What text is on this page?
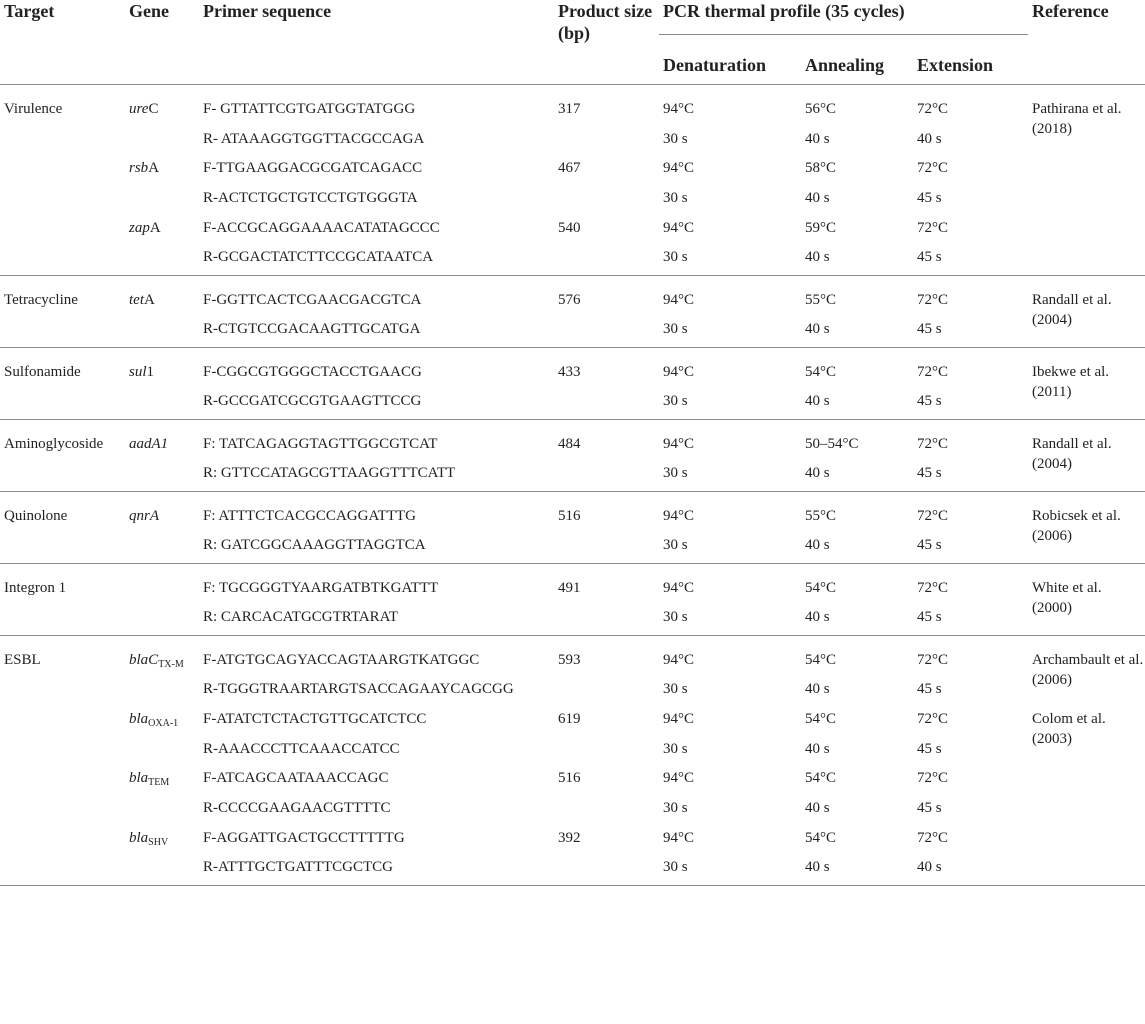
Target	Gene	Primer sequence	Product size (bp)	PCR thermal profile (35 cycles)			Reference
				Denaturation	Annealing	Extension	
Virulence	ureC	F- GTTATTCGTGATGGTATGGG	317	94°C	56°C	72°C	Pathirana et al. (2018)
		R- ATAAAGGTGGTTACGCCAGA		30 s	40 s	40 s	
	rsbA	F-TTGAAGGACGCGATCAGACC	467	94°C	58°C	72°C	
		R-ACTCTGCTGTCCTGTGGGTA		30 s	40 s	45 s	
	zapA	F-ACCGCAGGAAAACATATAGCCC	540	94°C	59°C	72°C	
		R-GCGACTATCTTCCGCATAATCA		30 s	40 s	45 s	
Tetracycline	tetA	F-GGTTCACTCGAACGACGTCA	576	94°C	55°C	72°C	Randall et al. (2004)
		R-CTGTCCGACAAGTTGCATGA		30 s	40 s	45 s	
Sulfonamide	sul1	F-CGGCGTGGGCTACCTGAACG	433	94°C	54°C	72°C	Ibekwe et al. (2011)
		R-GCCGATCGCGTGAAGTTCCG		30 s	40 s	45 s	
Aminoglycoside	aadA1	F: TATCAGAGGTAGTTGGCGTCAT	484	94°C	50–54°C	72°C	Randall et al. (2004)
		R: GTTCCATAGCGTTAAGGTTTCATT		30 s	40 s	45 s	
Quinolone	qnrA	F: ATTTCTCACGCCAGGATTTG	516	94°C	55°C	72°C	Robicsek et al. (2006)
		R: GATCGGCAAAGGTTAGGTCA		30 s	40 s	45 s	
Integron 1		F: TGCGGGTYAARGATBTKGATTT	491	94°C	54°C	72°C	White et al. (2000)
		R: CARCACATGCGTRTARAT		30 s	40 s	45 s	
ESBL	blaC$_{TX-M}$	F-ATGTGCAGYACCAGTAARGTKATGGC	593	94°C	54°C	72°C	Archambault et al. (2006)
		R-TGGGTRAARTARGTSACCAGAAYCAGCGG		30 s	40 s	45 s	
	bla$_{OXA-1}$	F-ATATCTCTACTGTTGCATCTCC	619	94°C	54°C	72°C	Colom et al. (2003)
		R-AAACCCTTCAAACCATCC		30 s	40 s	45 s	
	bla$_{TEM}$	F-ATCAGCAATAAACCAGC	516	94°C	54°C	72°C	
		R-CCCCGAAGAACGTTTTC		30 s	40 s	45 s	
	bla$_{SHV}$	F-AGGATTGACTGCCTTTTTG	392	94°C	54°C	72°C	
		R-ATTTGCTGATTTCGCTCG		30 s	40 s	40 s	
